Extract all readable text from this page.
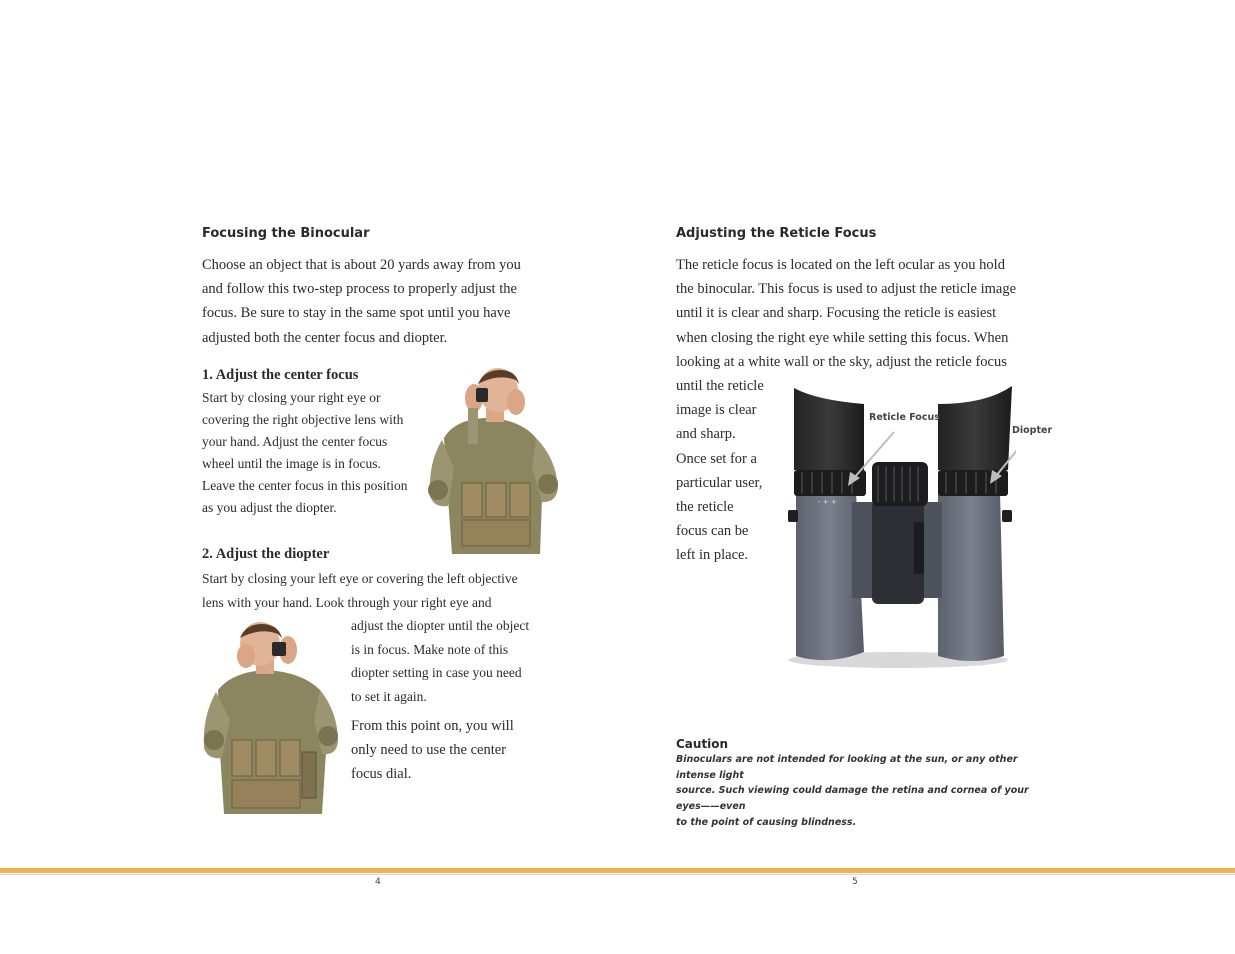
Focusing the Binocular

Choose an object that is about 20 yards away from you

and follow this two-step process to properly adjust the

focus. Be sure to stay in the same spot until you have

adjusted both the center focus and diopter.

1. Adjust the center focus

Start by closing your right eye or

covering the right objective lens with

your hand. Adjust the center focus

wheel until the image is in focus.

Leave the center focus in this position

as you adjust the diopter.

2. Adjust the diopter

Start by closing your left eye or covering the left objective

lens with your hand. Look through your right eye and

adjust the diopter until the object

is in focus. Make note of this

diopter setting in case you need

to set it again.

From this point on, you will

only need to use the center

focus dial.

Adjusting the Reticle Focus

The reticle focus is located on the left ocular as you hold

the binocular. This focus is used to adjust the reticle image

until it is clear and sharp. Focusing the reticle is easiest

when closing the right eye while setting this focus. When

looking at a white wall or the sky, adjust the reticle focus

until the reticle

image is clear

and sharp.

Once set for a

particular user,

the reticle

focus can be

left in place.

- + +
Reticle Focus
Diopter
Caution

Binoculars are not intended for looking at the sun, or any other intense light

source. Such viewing could damage the retina and cornea of your eyes——even

to the point of causing blindness.

4	5
